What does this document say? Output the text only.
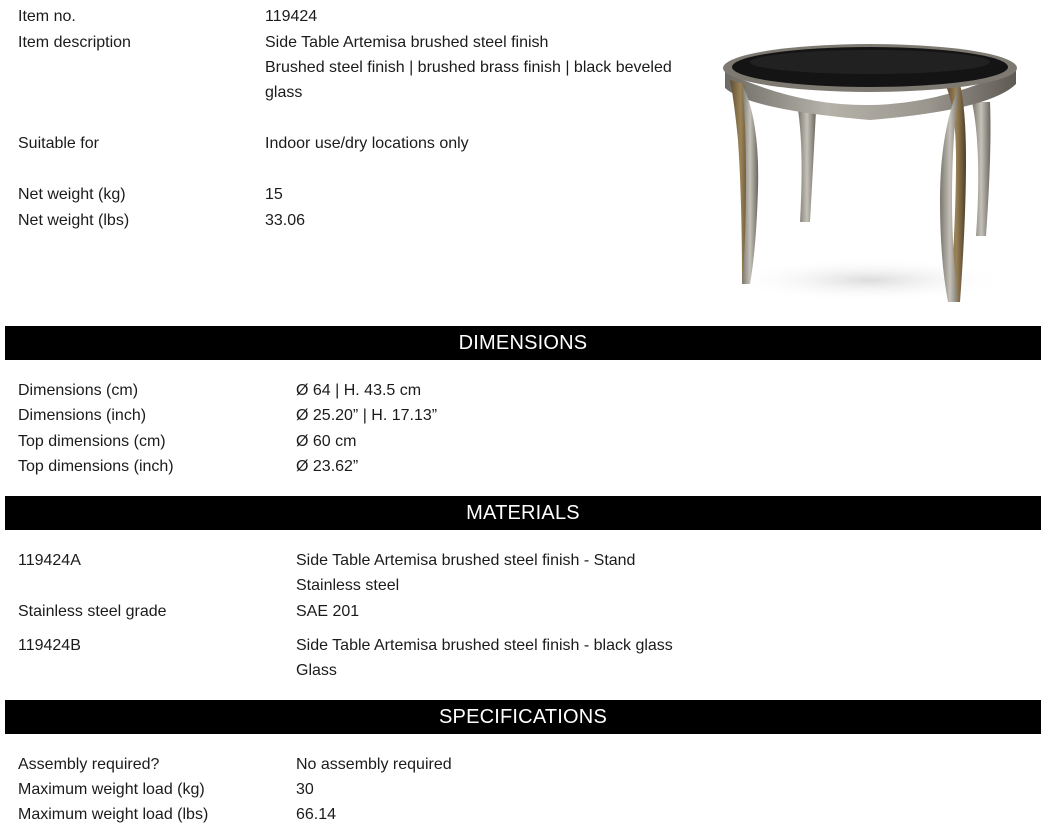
Item no.	119424
Item description	Side Table Artemisa brushed steel finish
Brushed steel finish | brushed brass finish | black beveled
glass
Suitable for	Indoor use/dry locations only
Net weight (kg)	15
Net weight (lbs)	33.06
DIMENSIONS
Dimensions (cm)	Ø 64 | H. 43.5 cm
Dimensions (inch)	Ø 25.20” | H. 17.13”
Top dimensions (cm)	Ø 60 cm
Top dimensions (inch)	Ø 23.62”
MATERIALS
119424A	Side Table Artemisa brushed steel finish - Stand
Stainless steel
Stainless steel grade	SAE 201
119424B	Side Table Artemisa brushed steel finish - black glass
Glass
SPECIFICATIONS
Assembly required?	No assembly required
Maximum weight load (kg)	30
Maximum weight load (lbs)	66.14
